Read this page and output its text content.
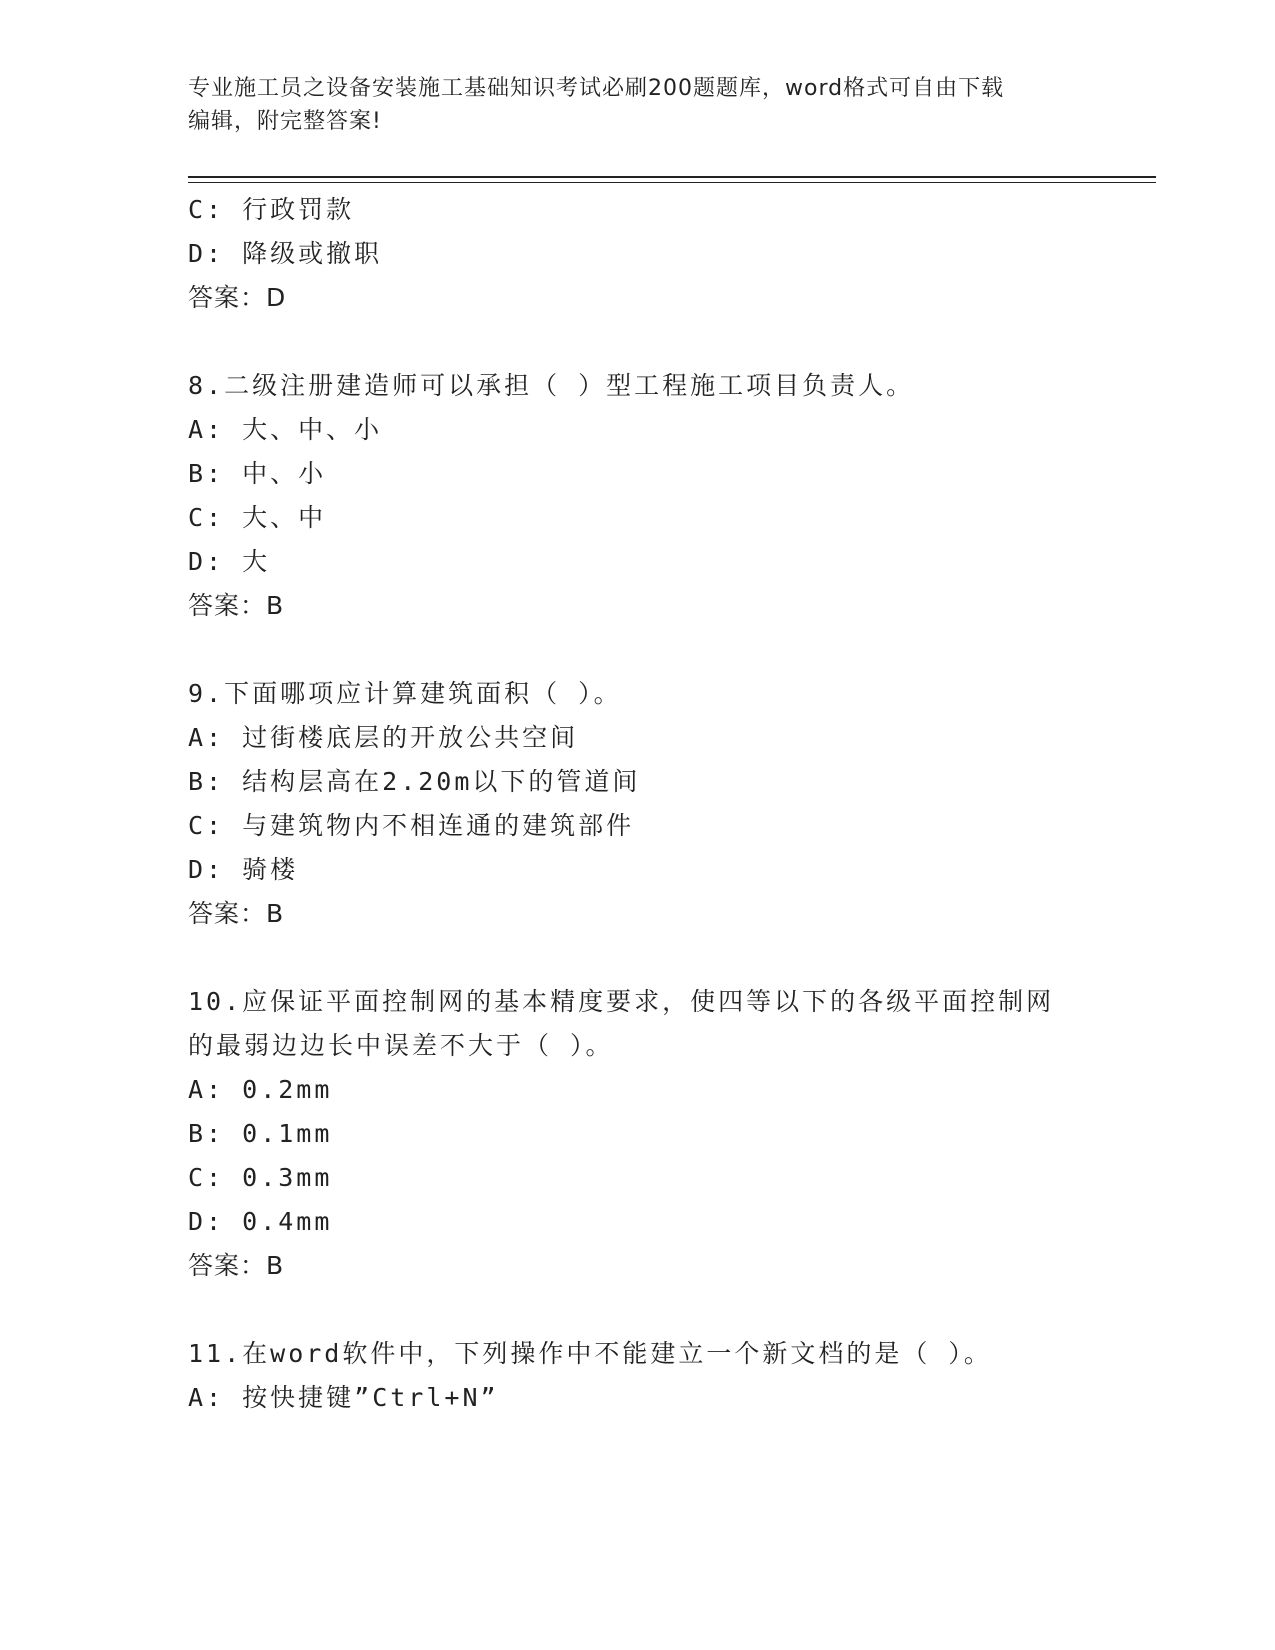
专业施工员之设备安装施工基础知识考试必刷200题题库，word格式可自由下载
编辑，附完整答案!
C: 行政罚款
D: 降级或撤职
答案：D
8.二级注册建造师可以承担（ ）型工程施工项目负责人。
A: 大、中、小
B: 中、小
C: 大、中
D: 大
答案：B
9.下面哪项应计算建筑面积（ ）。
A: 过街楼底层的开放公共空间
B: 结构层高在2.20m以下的管道间
C: 与建筑物内不相连通的建筑部件
D: 骑楼
答案：B
10.应保证平面控制网的基本精度要求，使四等以下的各级平面控制网
的最弱边边长中误差不大于（ ）。
A: 0.2mm
B: 0.1mm
C: 0.3mm
D: 0.4mm
答案：B
11.在word软件中，下列操作中不能建立一个新文档的是（ ）。
A: 按快捷键”Ctrl+N”
